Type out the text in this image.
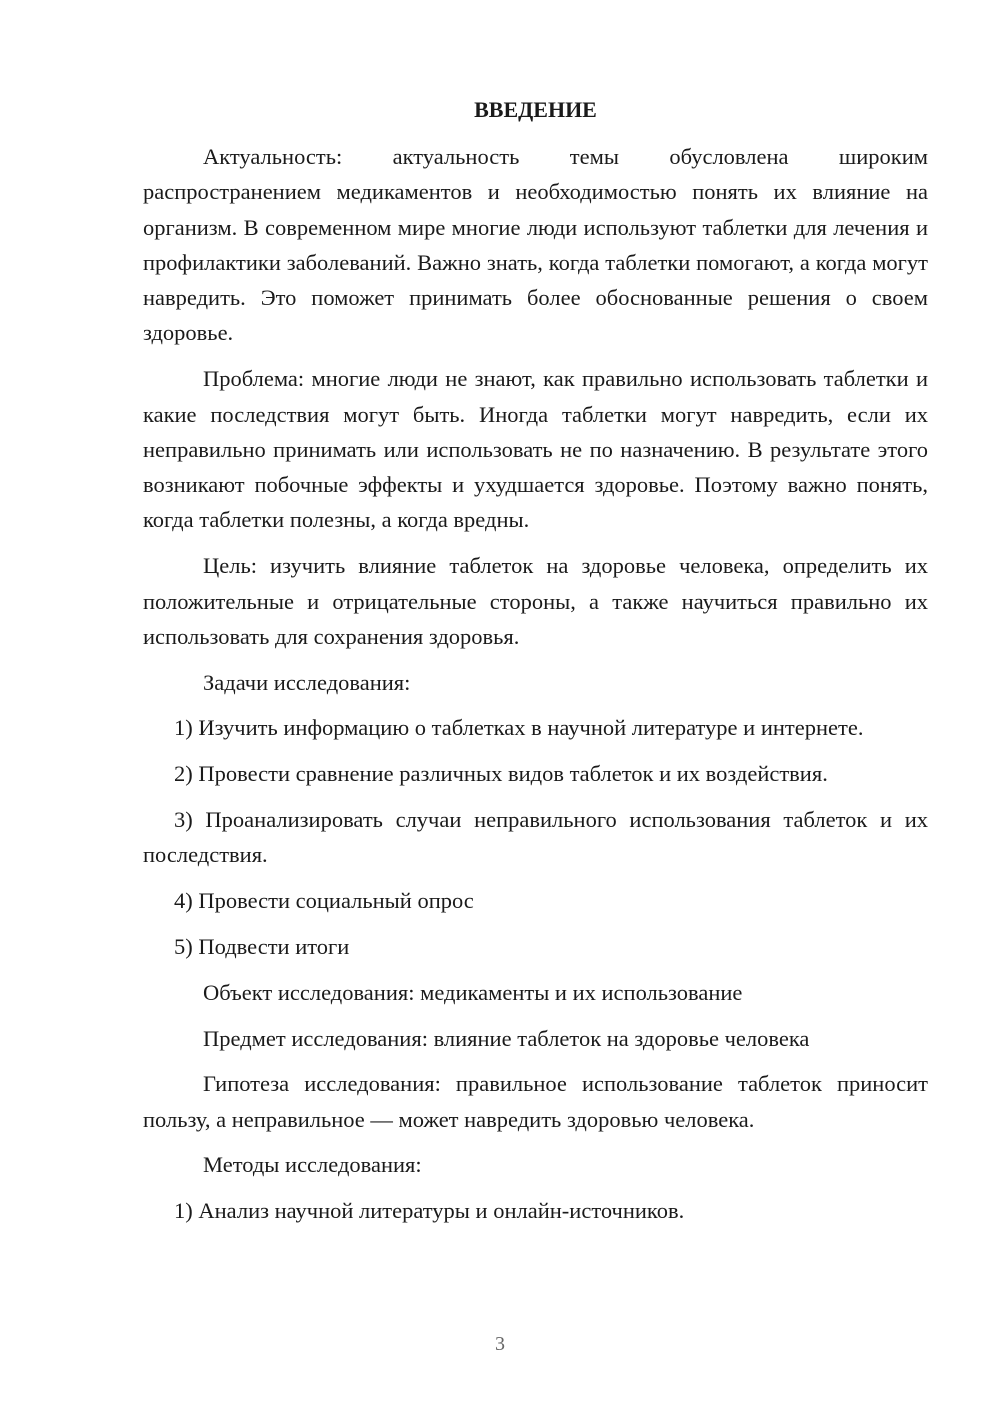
ВВЕДЕНИЕ

Актуальность: актуальность темы обусловлена широким распространением медикаментов и необходимостью понять их влияние на организм. В современном мире многие люди используют таблетки для лечения и профилактики заболеваний. Важно знать, когда таблетки помогают, а когда могут навредить. Это поможет принимать более обоснованные решения о своем здоровье.

Проблема: многие люди не знают, как правильно использовать таблетки и какие последствия могут быть. Иногда таблетки могут навредить, если их неправильно принимать или использовать не по назначению. В результате этого возникают побочные эффекты и ухудшается здоровье. Поэтому важно понять, когда таблетки полезны, а когда вредны.

Цель: изучить влияние таблеток на здоровье человека, определить их положительные и отрицательные стороны, а также научиться правильно их использовать для сохранения здоровья.

Задачи исследования:

1) Изучить информацию о таблетках в научной литературе и интернете.

2) Провести сравнение различных видов таблеток и их воздействия.

3) Проанализировать случаи неправильного использования таблеток и их последствия.

4) Провести социальный опрос

5) Подвести итоги

Объект исследования: медикаменты и их использование

Предмет исследования: влияние таблеток на здоровье человека

Гипотеза исследования: правильное использование таблеток приносит пользу, а неправильное — может навредить здоровью человека.

Методы исследования:

1) Анализ научной литературы и онлайн-источников.

3
